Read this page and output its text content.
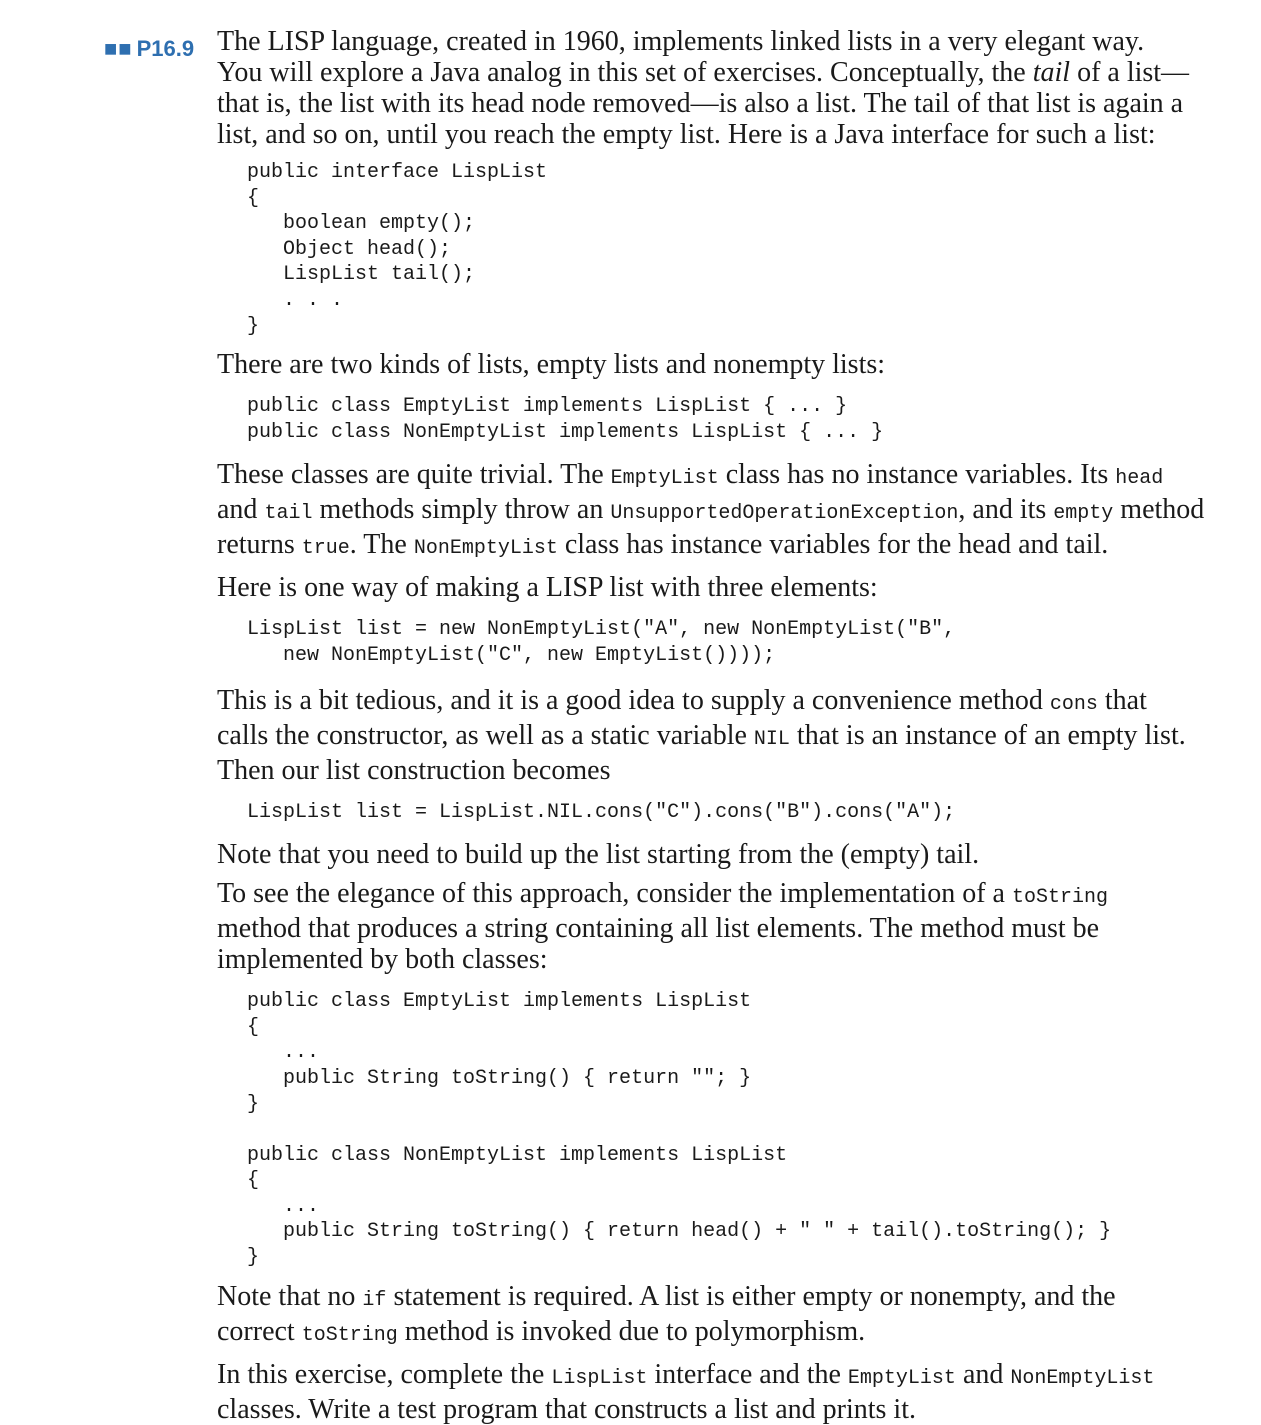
■■ P16.9 The LISP language, created in 1960, implements linked lists in a very elegant way.

You will explore a Java analog in this set of exercises. Conceptually, the tail of a list—

that is, the list with its head node removed—is also a list. The tail of that list is again a

list, and so on, until you reach the empty list. Here is a Java interface for such a list:

public interface LispList
{
boolean empty();
Object head();
LispList tail();
. . .
}

There are two kinds of lists, empty lists and nonempty lists:

public class EmptyList implements LispList { ... }
public class NonEmptyList implements LispList { ... }

These classes are quite trivial. The EmptyList class has no instance variables. Its head

and tail methods simply throw an UnsupportedOperationException, and its empty method

returns true. The NonEmptyList class has instance variables for the head and tail.

Here is one way of making a LISP list with three elements:

LispList list = new NonEmptyList("A", new NonEmptyList("B",
new NonEmptyList("C", new EmptyList())));

This is a bit tedious, and it is a good idea to supply a convenience method cons that

calls the constructor, as well as a static variable NIL that is an instance of an empty list.

Then our list construction becomes

LispList list = LispList.NIL.cons("C").cons("B").cons("A");

Note that you need to build up the list starting from the (empty) tail.

To see the elegance of this approach, consider the implementation of a toString

method that produces a string containing all list elements. The method must be

implemented by both classes:

public class EmptyList implements LispList
{
...
public String toString() { return ""; }
}
public class NonEmptyList implements LispList
{
...
public String toString() { return head() + " " + tail().toString(); }
}

Note that no if statement is required. A list is either empty or nonempty, and the

correct toString method is invoked due to polymorphism.

In this exercise, complete the LispList interface and the EmptyList and NonEmptyList

classes. Write a test program that constructs a list and prints it.
